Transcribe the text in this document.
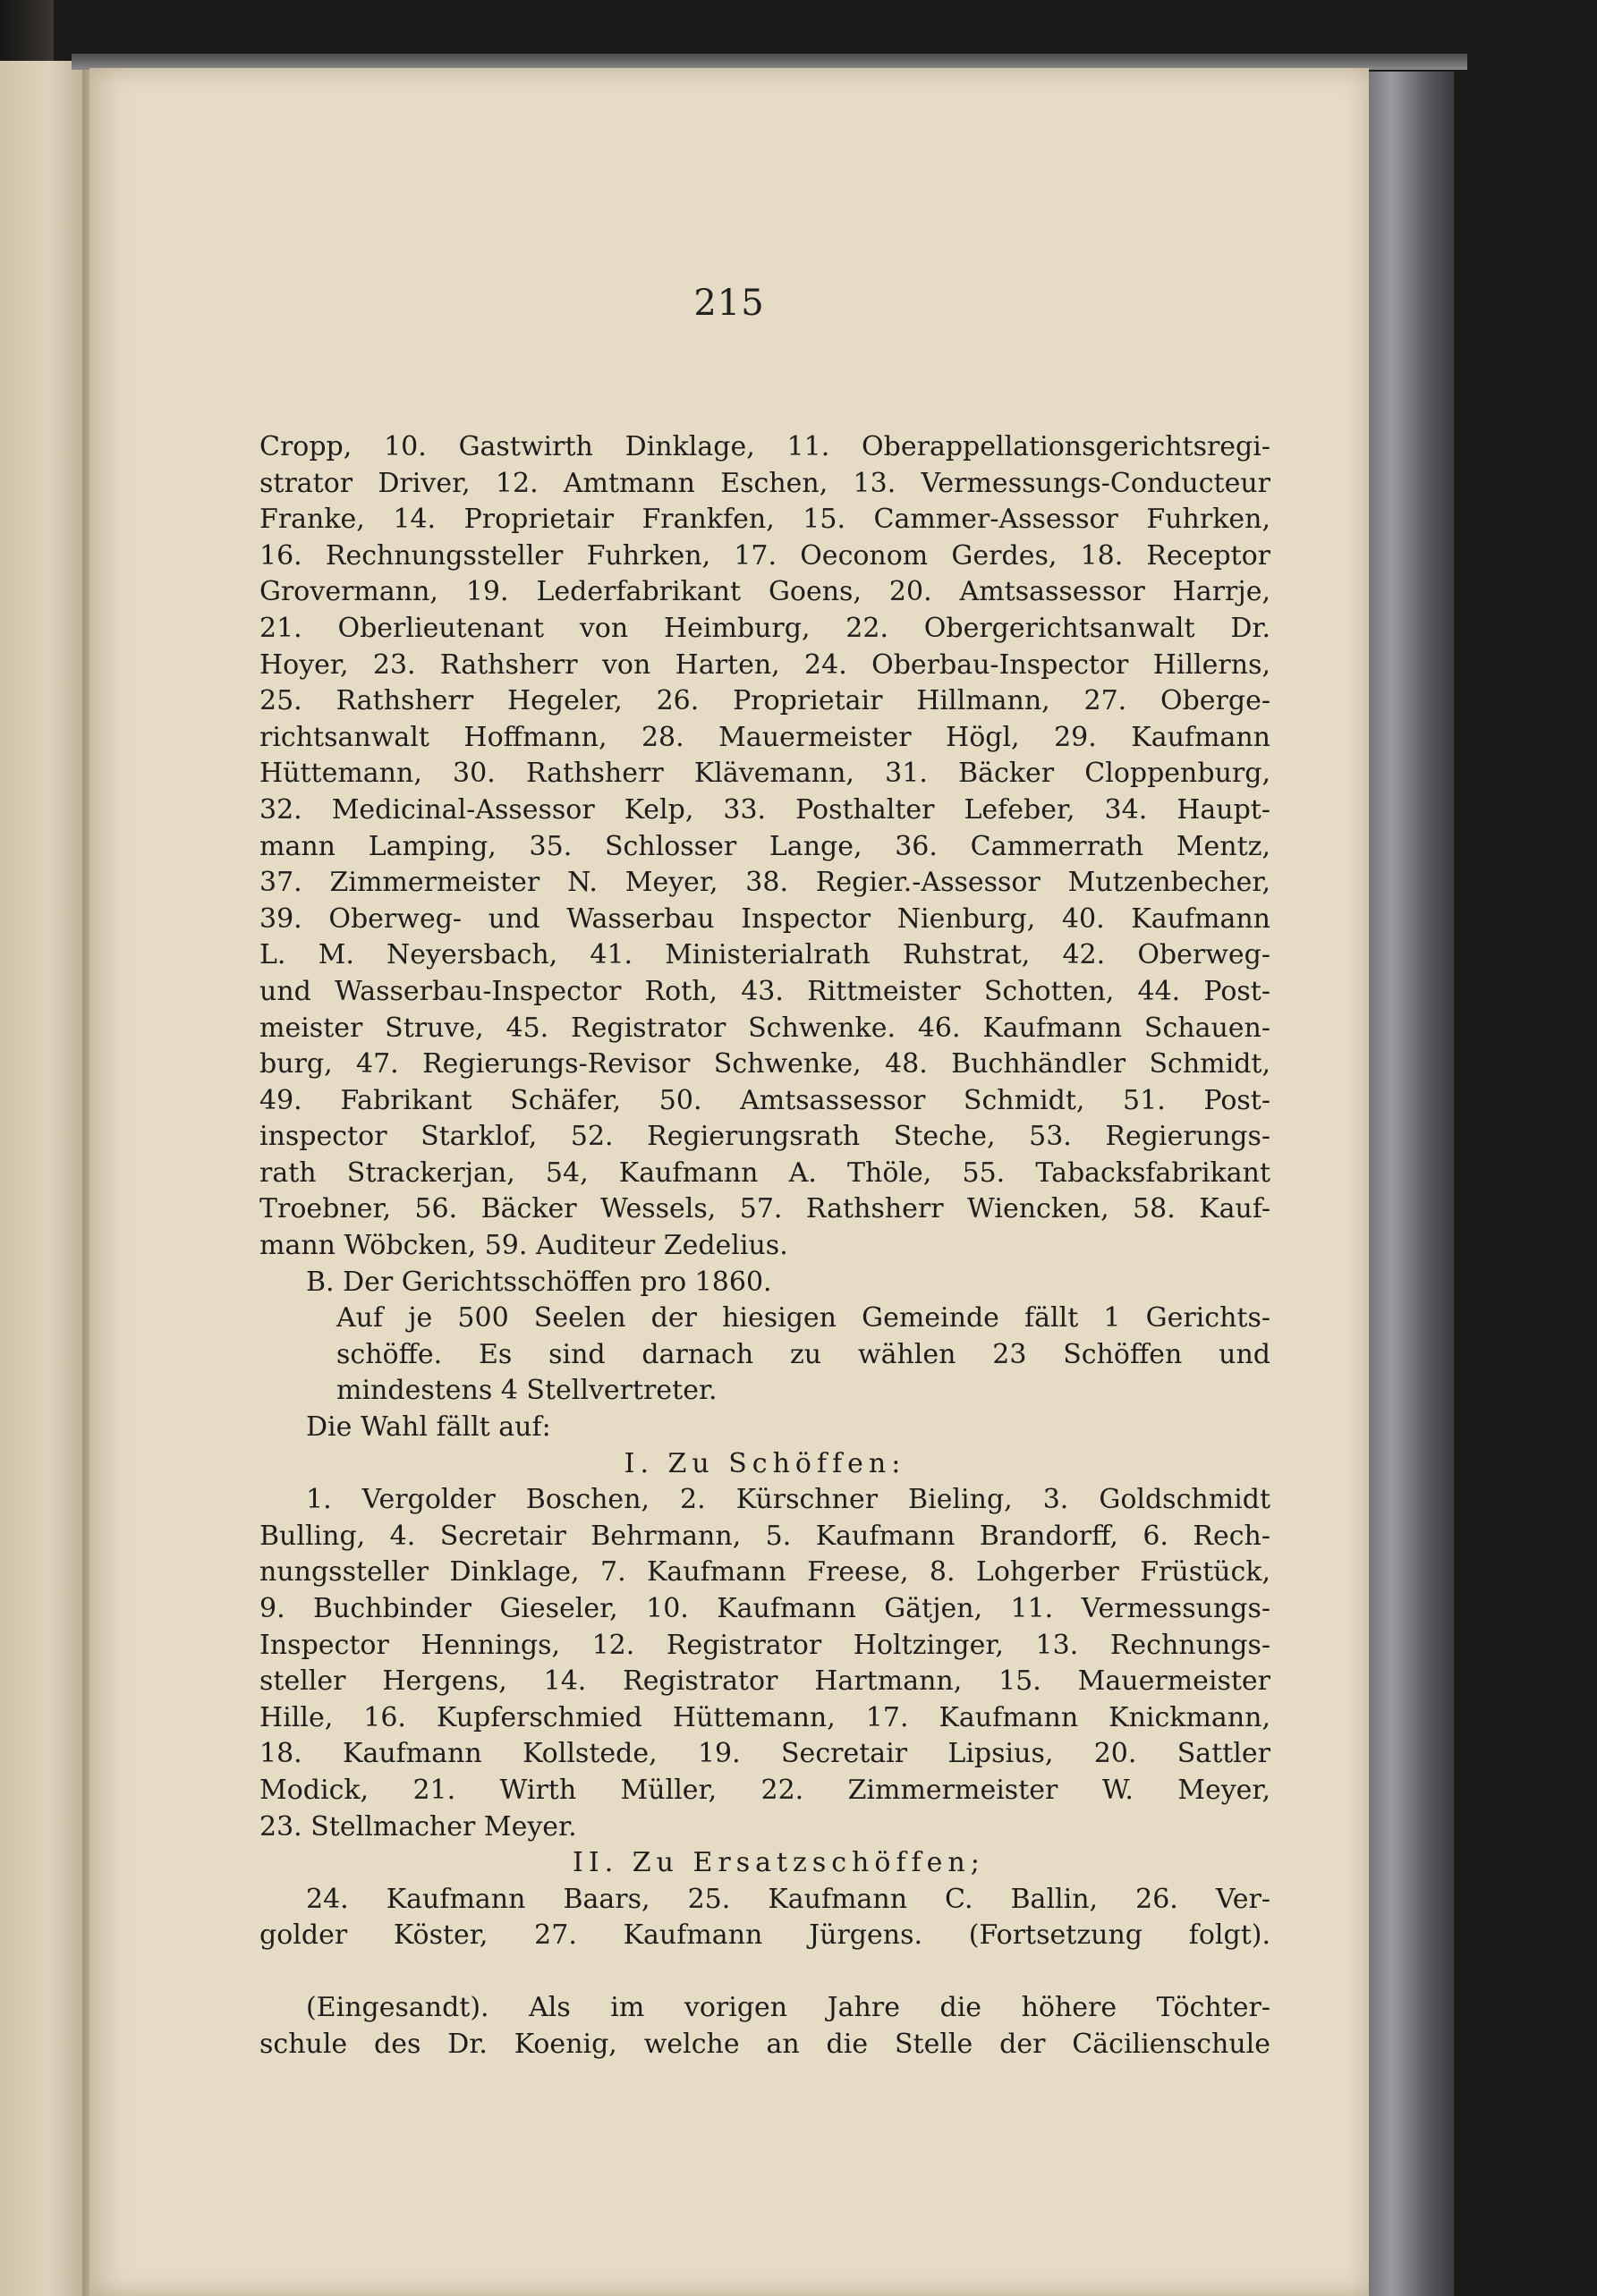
215
Cropp, 10. Gastwirth Dinklage, 11. Oberappellationsgerichtsregi-
strator Driver, 12. Amtmann Eschen, 13. Vermessungs-Conducteur
Franke, 14. Proprietair Frankfen, 15. Cammer-Assessor Fuhrken,
16. Rechnungssteller Fuhrken, 17. Oeconom Gerdes, 18. Receptor
Grovermann, 19. Lederfabrikant Goens, 20. Amtsassessor Harrje,
21. Oberlieutenant von Heimburg, 22. Obergerichtsanwalt Dr.
Hoyer, 23. Rathsherr von Harten, 24. Oberbau-Inspector Hillerns,
25. Rathsherr Hegeler, 26. Proprietair Hillmann, 27. Oberge-
richtsanwalt Hoffmann, 28. Mauermeister Högl, 29. Kaufmann
Hüttemann, 30. Rathsherr Klävemann, 31. Bäcker Cloppenburg,
32. Medicinal-Assessor Kelp, 33. Posthalter Lefeber, 34. Haupt-
mann Lamping, 35. Schlosser Lange, 36. Cammerrath Mentz,
37. Zimmermeister N. Meyer, 38. Regier.-Assessor Mutzenbecher,
39. Oberweg- und Wasserbau Inspector Nienburg, 40. Kaufmann
L. M. Neyersbach, 41. Ministerialrath Ruhstrat, 42. Oberweg-
und Wasserbau-Inspector Roth, 43. Rittmeister Schotten, 44. Post-
meister Struve, 45. Registrator Schwenke. 46. Kaufmann Schauen-
burg, 47. Regierungs-Revisor Schwenke, 48. Buchhändler Schmidt,
49. Fabrikant Schäfer, 50. Amtsassessor Schmidt, 51. Post-
inspector Starklof, 52. Regierungsrath Steche, 53. Regierungs-
rath Strackerjan, 54, Kaufmann A. Thöle, 55. Tabacksfabrikant
Troebner, 56. Bäcker Wessels, 57. Rathsherr Wiencken, 58. Kauf-
mann Wöbcken, 59. Auditeur Zedelius.
B. Der Gerichtsschöffen pro 1860.
Auf je 500 Seelen der hiesigen Gemeinde fällt 1 Gerichts-
schöffe. Es sind darnach zu wählen 23 Schöffen und
mindestens 4 Stellvertreter.
Die Wahl fällt auf:
I. Zu Schöffen:
1. Vergolder Boschen, 2. Kürschner Bieling, 3. Goldschmidt
Bulling, 4. Secretair Behrmann, 5. Kaufmann Brandorff, 6. Rech-
nungssteller Dinklage, 7. Kaufmann Freese, 8. Lohgerber Früstück,
9. Buchbinder Gieseler, 10. Kaufmann Gätjen, 11. Vermessungs-
Inspector Hennings, 12. Registrator Holtzinger, 13. Rechnungs-
steller Hergens, 14. Registrator Hartmann, 15. Mauermeister
Hille, 16. Kupferschmied Hüttemann, 17. Kaufmann Knickmann,
18. Kaufmann Kollstede, 19. Secretair Lipsius, 20. Sattler
Modick, 21. Wirth Müller, 22. Zimmermeister W. Meyer,
23. Stellmacher Meyer.
II. Zu Ersatzschöffen;
24. Kaufmann Baars, 25. Kaufmann C. Ballin, 26. Ver-
golder Köster, 27. Kaufmann Jürgens. (Fortsetzung folgt).
(Eingesandt). Als im vorigen Jahre die höhere Töchter-
schule des Dr. Koenig, welche an die Stelle der Cäcilienschule
